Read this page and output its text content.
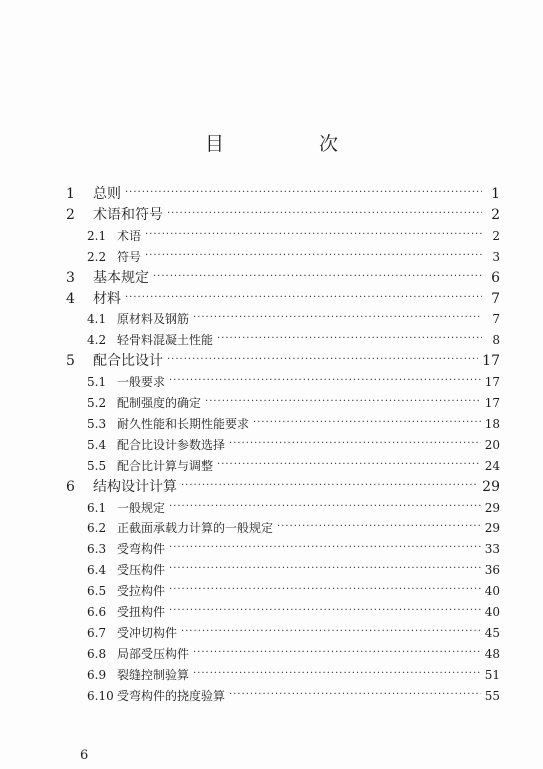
目　次
1	总则 ·····	1
2	术语和符号 ·····	2
2.1 术语 ·····	2
2.2 符号 ·····	3
3	基本规定 ·····	6
4	材料 ·····	7
4.1 原材料及钢筋 ·····	7
4.2 轻骨料混凝土性能 ·····	8
5	配合比设计 ·····	17
5.1 一般要求 ·····	17
5.2 配制强度的确定 ·····	17
5.3 耐久性能和长期性能要求 ·····	18
5.4 配合比设计参数选择 ·····	20
5.5 配合比计算与调整 ·····	24
6	结构设计计算 ·····	29
6.1 一般规定 ·····	29
6.2 正截面承载力计算的一般规定 ·····	29
6.3 受弯构件 ·····	33
6.4 受压构件 ·····	36
6.5 受拉构件 ·····	40
6.6 受扭构件 ·····	40
6.7 受冲切构件 ·····	45
6.8 局部受压构件 ·····	48
6.9 裂缝控制验算 ·····	51
6.10 受弯构件的挠度验算 ·····	55
6
